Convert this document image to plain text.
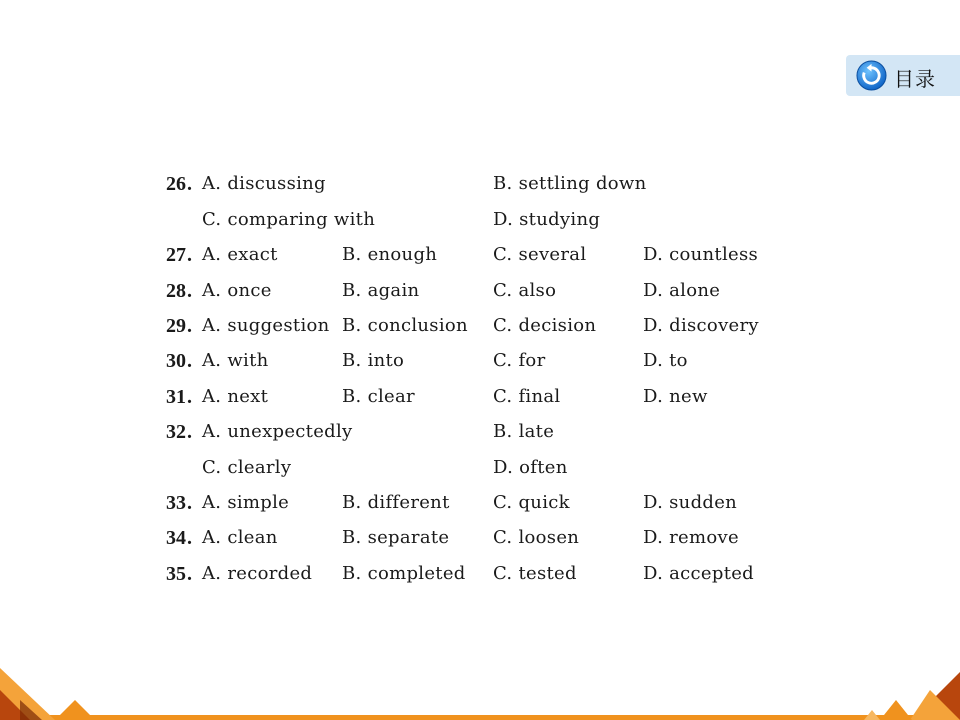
目录
26 . A. discussing	B. settling down
C. comparing with	D. studying
27 . A. exact	B. enough	C. several	D. countless
28 . A. once	B. again	C. also	D. alone
29 . A. suggestion B. conclusion C. decision	D. discovery
30 . A. with	B. into	C. for	D. to
31 . A. next	B. clear	C. final	D. new
32 . A. unexpectedly	B. late
C. clearly	D. often
33 . A. simple	B. different C. quick	D. sudden
34 . A. clean	B. separate C. loosen	D. remove
35 . A. recorded B. completed C. tested	D. accepted
